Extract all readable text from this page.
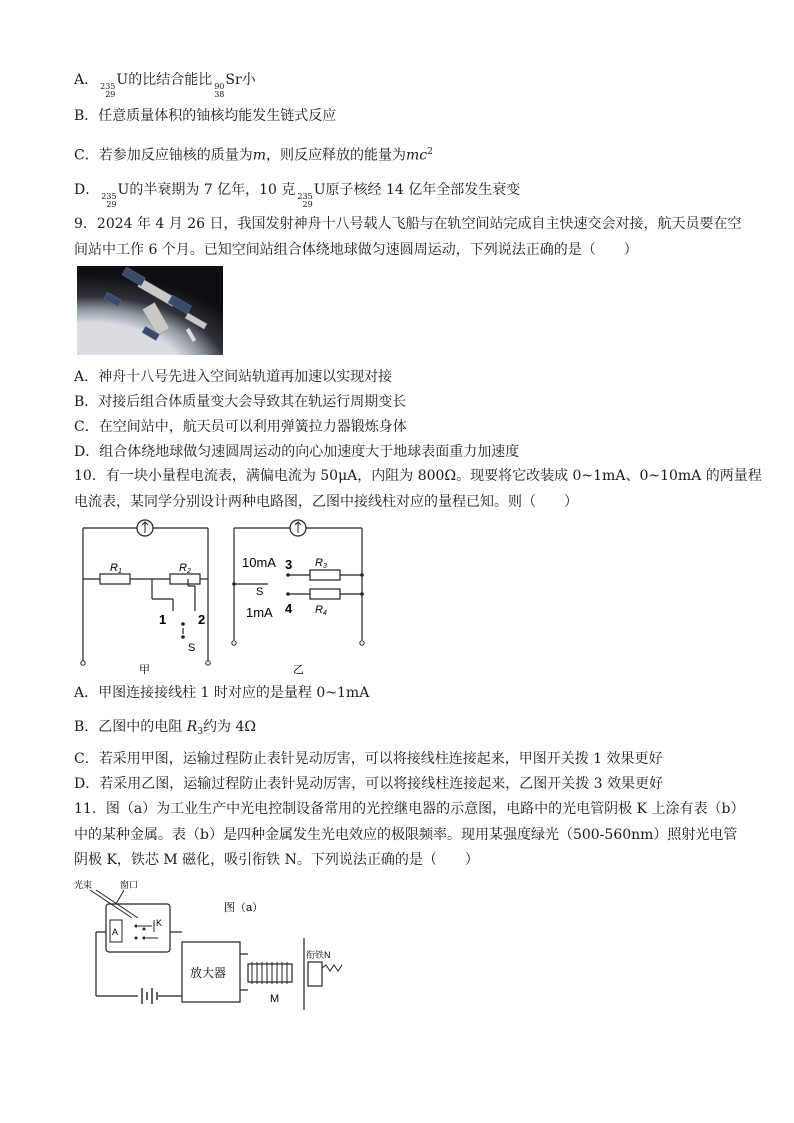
A． 235
29
U的比结合能比 90
38
Sr小
B．任意质量体积的铀核均能发生链式反应
C．若参加反应铀核的质量为m，则反应释放的能量为$mc^2$
D． 235
29
U的半衰期为 7 亿年，10 克 235
29
U原子核经 14 亿年全部发生衰变
9．2024 年 4 月 26 日，我国发射神舟十八号载人飞船与在轨空间站完成自主快速交会对接，航天员要在空
间站中工作 6 个月。已知空间站组合体绕地球做匀速圆周运动，下列说法正确的是（　　）
A．神舟十八号先进入空间站轨道再加速以实现对接
B．对接后组合体质量变大会导致其在轨运行周期变长
C．在空间站中，航天员可以利用弹簧拉力器锻炼身体
D．组合体绕地球做匀速圆周运动的向心加速度大于地球表面重力加速度
10．有一块小量程电流表，满偏电流为 50μA，内阻为 800Ω。现要将它改装成 0~1mA、0~10mA 的两量程
电流表，某同学分别设计两种电路图，乙图中接线柱对应的量程已知。则（　　）
R1	R2
1 2
S
甲
10mA 3 R3
S
1mA 4 R4
乙
A．甲图连接接线柱 1 时对应的是量程 0~1mA
B．乙图中的电阻 $R_3$约为 4Ω
C．若采用甲图，运输过程防止表针晃动厉害，可以将接线柱连接起来，甲图开关拨 1 效果更好
D．若采用乙图，运输过程防止表针晃动厉害，可以将接线柱连接起来，乙图开关拨 3 效果更好
11．图（a）为工业生产中光电控制设备常用的光控继电器的示意图，电路中的光电管阴极 K 上涂有表（b）
中的某种金属。表（b）是四种金属发生光电效应的极限频率。现用某强度绿光（500-560nm）照射光电管
阴极 K，铁芯 M 磁化，吸引衔铁 N。下列说法正确的是（　　）
光束	窗口
A
K
图（a）
放大器
M
衔铁N
